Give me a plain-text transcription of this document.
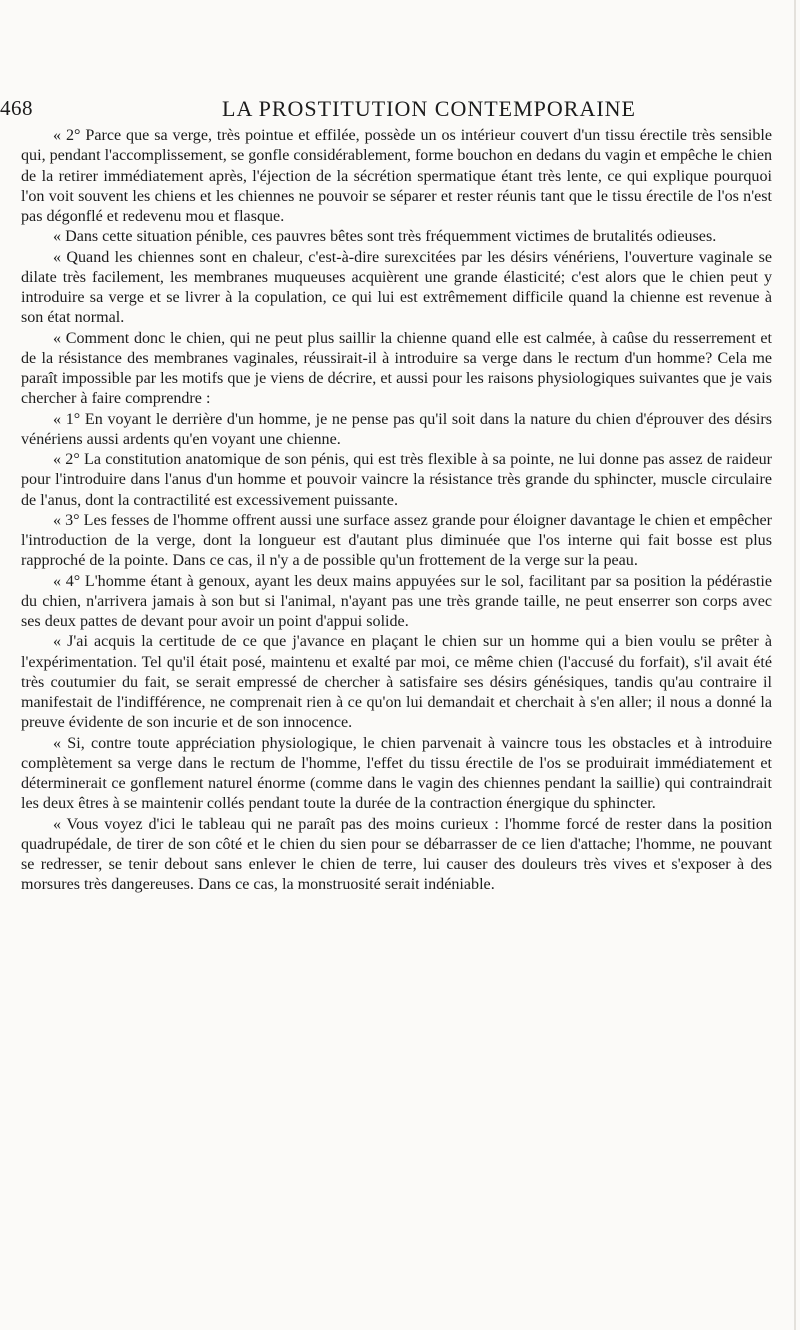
468	LA PROSTITUTION CONTEMPORAINE

« 2° Parce que sa verge, très pointue et effilée, possède un os intérieur couvert d'un tissu érectile très sensible qui, pendant l'accomplissement, se gonfle considérablement, forme bouchon en dedans du vagin et empêche le chien de la retirer immédiatement après, l'éjection de la sécrétion spermatique étant très lente, ce qui explique pourquoi l'on voit souvent les chiens et les chiennes ne pouvoir se séparer et rester réunis tant que le tissu érectile de l'os n'est pas dégonflé et redevenu mou et flasque.

« Dans cette situation pénible, ces pauvres bêtes sont très fréquemment victimes de brutalités odieuses.

« Quand les chiennes sont en chaleur, c'est-à-dire surexcitées par les désirs vénériens, l'ouverture vaginale se dilate très facilement, les membranes muqueuses acquièrent une grande élasticité; c'est alors que le chien peut y introduire sa verge et se livrer à la copulation, ce qui lui est extrêmement difficile quand la chienne est revenue à son état normal.

« Comment donc le chien, qui ne peut plus saillir la chienne quand elle est calmée, à caûse du resserrement et de la résistance des membranes vaginales, réussirait-il à introduire sa verge dans le rectum d'un homme? Cela me paraît impossible par les motifs que je viens de décrire, et aussi pour les raisons physiologiques suivantes que je vais chercher à faire comprendre :

« 1° En voyant le derrière d'un homme, je ne pense pas qu'il soit dans la nature du chien d'éprouver des désirs vénériens aussi ardents qu'en voyant une chienne.

« 2° La constitution anatomique de son pénis, qui est très flexible à sa pointe, ne lui donne pas assez de raideur pour l'introduire dans l'anus d'un homme et pouvoir vaincre la résistance très grande du sphincter, muscle circulaire de l'anus, dont la contractilité est excessivement puissante.

« 3° Les fesses de l'homme offrent aussi une surface assez grande pour éloigner davantage le chien et empêcher l'introduction de la verge, dont la longueur est d'autant plus diminuée que l'os interne qui fait bosse est plus rapproché de la pointe. Dans ce cas, il n'y a de possible qu'un frottement de la verge sur la peau.

« 4° L'homme étant à genoux, ayant les deux mains appuyées sur le sol, facilitant par sa position la pédérastie du chien, n'arrivera jamais à son but si l'animal, n'ayant pas une très grande taille, ne peut enserrer son corps avec ses deux pattes de devant pour avoir un point d'appui solide.

« J'ai acquis la certitude de ce que j'avance en plaçant le chien sur un homme qui a bien voulu se prêter à l'expérimentation. Tel qu'il était posé, maintenu et exalté par moi, ce même chien (l'accusé du forfait), s'il avait été très coutumier du fait, se serait empressé de chercher à satisfaire ses désirs génésiques, tandis qu'au contraire il manifestait de l'indifférence, ne comprenait rien à ce qu'on lui demandait et cherchait à s'en aller; il nous a donné la preuve évidente de son incurie et de son innocence.

« Si, contre toute appréciation physiologique, le chien parvenait à vaincre tous les obstacles et à introduire complètement sa verge dans le rectum de l'homme, l'effet du tissu érectile de l'os se produirait immédiatement et déterminerait ce gonflement naturel énorme (comme dans le vagin des chiennes pendant la saillie) qui contraindrait les deux êtres à se maintenir collés pendant toute la durée de la contraction énergique du sphincter.

« Vous voyez d'ici le tableau qui ne paraît pas des moins curieux : l'homme forcé de rester dans la position quadrupédale, de tirer de son côté et le chien du sien pour se débarrasser de ce lien d'attache; l'homme, ne pouvant se redresser, se tenir debout sans enlever le chien de terre, lui causer des douleurs très vives et s'exposer à des morsures très dangereuses. Dans ce cas, la monstruosité serait indéniable.
